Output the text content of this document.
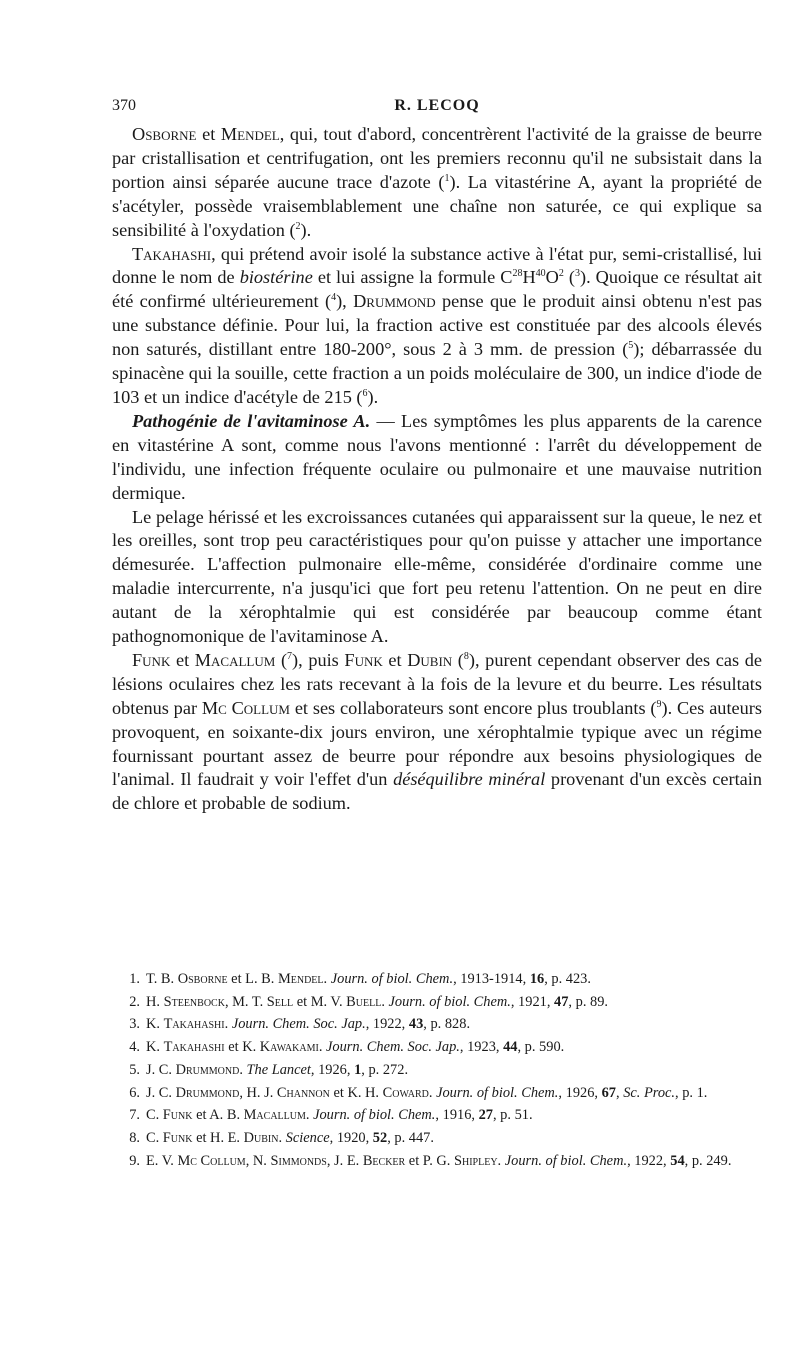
370	R. LECOQ

Osborne et Mendel, qui, tout d'abord, concentrèrent l'activité de la graisse de beurre par cristallisation et centrifugation, ont les premiers reconnu qu'il ne subsistait dans la portion ainsi séparée aucune trace d'azote ($^1$). La vitastérine A, ayant la propriété de s'acétyler, possède vraisemblablement une chaîne non saturée, ce qui explique sa sensibilité à l'oxydation ($^2$).

Takahashi, qui prétend avoir isolé la substance active à l'état pur, semi-cristallisé, lui donne le nom de biostérine et lui assigne la formule $C^{28}H^{40}O^2$ ($^3$). Quoique ce résultat ait été confirmé ultérieurement ($^4$), Drummond pense que le produit ainsi obtenu n'est pas une substance définie. Pour lui, la fraction active est constituée par des alcools élevés non saturés, distillant entre 180-200°, sous 2 à 3 mm. de pression ($^5$); débarrassée du spinacène qui la souille, cette fraction a un poids moléculaire de 300, un indice d'iode de 103 et un indice d'acétyle de 215 ($^6$).

Pathogénie de l'avitaminose A. — Les symptômes les plus apparents de la carence en vitastérine A sont, comme nous l'avons mentionné : l'arrêt du développement de l'individu, une infection fréquente oculaire ou pulmonaire et une mauvaise nutrition dermique.

Le pelage hérissé et les excroissances cutanées qui apparaissent sur la queue, le nez et les oreilles, sont trop peu caractéristiques pour qu'on puisse y attacher une importance démesurée. L'affection pulmonaire elle-même, considérée d'ordinaire comme une maladie intercurrente, n'a jusqu'ici que fort peu retenu l'attention. On ne peut en dire autant de la xérophtalmie qui est considérée par beaucoup comme étant pathognomonique de l'avitaminose A.

Funk et Macallum ($^7$), puis Funk et Dubin ($^8$), purent cependant observer des cas de lésions oculaires chez les rats recevant à la fois de la levure et du beurre. Les résultats obtenus par Mc Collum et ses collaborateurs sont encore plus troublants ($^9$). Ces auteurs provoquent, en soixante-dix jours environ, une xérophtalmie typique avec un régime fournissant pourtant assez de beurre pour répondre aux besoins physiologiques de l'animal. Il faudrait y voir l'effet d'un déséquilibre minéral provenant d'un excès certain de chlore et probable de sodium.

1. T. B. Osborne et L. B. Mendel. Journ. of biol. Chem., 1913-1914, 16, p. 423.

2. H. Steenbock, M. T. Sell et M. V. Buell. Journ. of biol. Chem., 1921, 47, p. 89.

3. K. Takahashi. Journ. Chem. Soc. Jap., 1922, 43, p. 828.

4. K. Takahashi et K. Kawakami. Journ. Chem. Soc. Jap., 1923, 44, p. 590.

5. J. C. Drummond. The Lancet, 1926, 1, p. 272.

6. J. C. Drummond, H. J. Channon et K. H. Coward. Journ. of biol. Chem., 1926, 67, Sc. Proc., p. 1.

7. C. Funk et A. B. Macallum. Journ. of biol. Chem., 1916, 27, p. 51.

8. C. Funk et H. E. Dubin. Science, 1920, 52, p. 447.

9. E. V. Mc Collum, N. Simmonds, J. E. Becker et P. G. Shipley. Journ. of biol. Chem., 1922, 54, p. 249.
